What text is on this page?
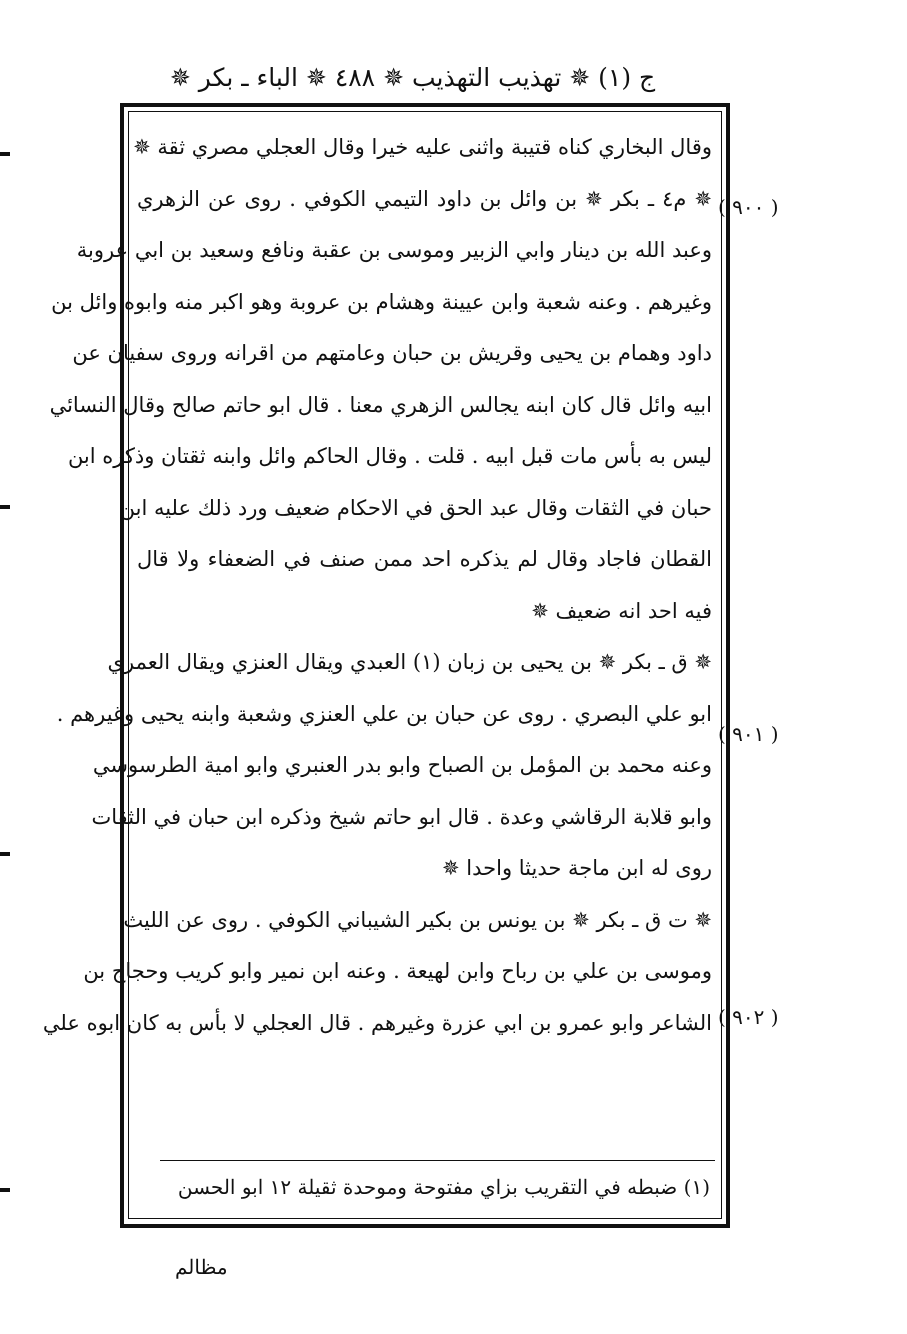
ج (١) ✵ تهذيب التهذيب ✵ ٤٨٨ ✵ الباء ـ بكر ✵
( ٩٠٠ )
( ٩٠١ )
( ٩٠٢ )
وقال البخاري كناه قتيبة واثنى عليه خيرا وقال العجلي مصري ثقة ✵
✵ م٤ ـ بكر ✵ بن وائل بن داود التيمي الكوفي . روى عن الزهري
وعبد الله بن دينار وابي الزبير وموسى بن عقبة ونافع وسعيد بن ابي عروبة
وغيرهم . وعنه شعبة وابن عيينة وهشام بن عروبة وهو اكبر منه وابوه وائل بن
داود وهمام بن يحيى وقريش بن حبان وعامتهم من اقرانه وروى سفيان عن
ابيه وائل قال كان ابنه يجالس الزهري معنا . قال ابو حاتم صالح وقال النسائي
ليس به بأس مات قبل ابيه . قلت . وقال الحاكم وائل وابنه ثقتان وذكره ابن
حبان في الثقات وقال عبد الحق في الاحكام ضعيف ورد ذلك عليه ابن
القطان فاجاد وقال لم يذكره احد ممن صنف في الضعفاء ولا قال
فيه احد انه ضعيف ✵
✵ ق ـ بكر ✵ بن يحيى بن زبان (١) العبدي ويقال العنزي ويقال العمري
ابو علي البصري . روى عن حبان بن علي العنزي وشعبة وابنه يحيى وغيرهم .
وعنه محمد بن المؤمل بن الصباح وابو بدر العنبري وابو امية الطرسوسي
وابو قلابة الرقاشي وعدة . قال ابو حاتم شيخ وذكره ابن حبان في الثقات
روى له ابن ماجة حديثا واحدا ✵
✵ ت ق ـ بكر ✵ بن يونس بن بكير الشيباني الكوفي . روى عن الليث
وموسى بن علي بن رباح وابن لهيعة . وعنه ابن نمير وابو كريب وحجاج بن
الشاعر وابو عمرو بن ابي عزرة وغيرهم . قال العجلي لا بأس به كان ابوه علي
(١) ضبطه في التقريب بزاي مفتوحة وموحدة ثقيلة ١٢ ابو الحسن
مظالم
